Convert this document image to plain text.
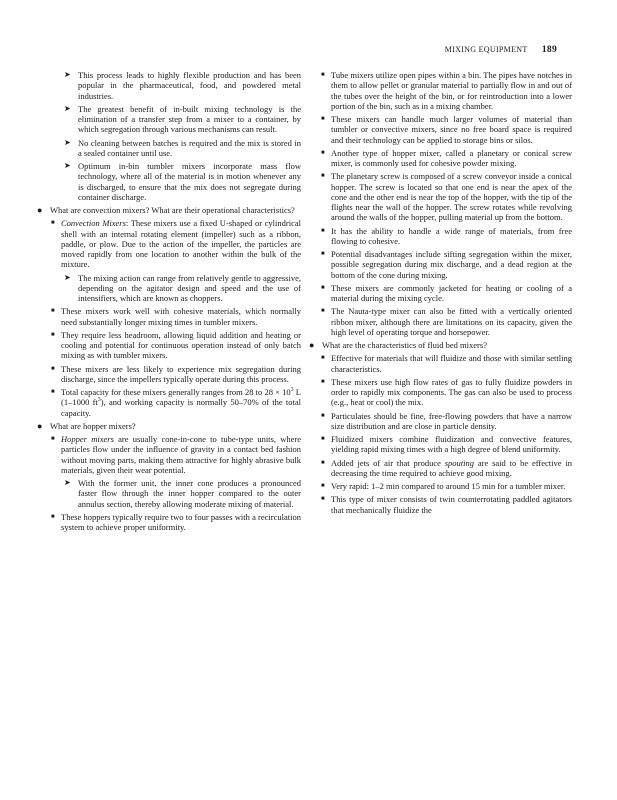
MIXING EQUIPMENT 189
➤ This process leads to highly flexible production and has been popular in the pharmaceutical, food, and powdered metal industries.
➤ The greatest benefit of in-built mixing technology is the elimination of a transfer step from a mixer to a container, by which segregation through various mechanisms can result.
➤ No cleaning between batches is required and the mix is stored in a sealed container until use.
➤ Optimum in-bin tumbler mixers incorporate mass flow technology, where all of the material is in motion whenever any is discharged, to ensure that the mix does not segregate during container discharge.
● What are convection mixers? What are their operational characteristics?
■ Convection Mixers: These mixers use a fixed U-shaped or cylindrical shell with an internal rotating element (impeller) such as a ribbon, paddle, or plow. Due to the action of the impeller, the particles are moved rapidly from one location to another within the bulk of the mixture.
➤ The mixing action can range from relatively gentle to aggressive, depending on the agitator design and speed and the use of intensifiers, which are known as choppers.
■ These mixers work well with cohesive materials, which normally need substantially longer mixing times in tumbler mixers.
■ They require less headroom, allowing liquid addition and heating or cooling and potential for continuous operation instead of only batch mixing as with tumbler mixers.
■ These mixers are less likely to experience mix segregation during discharge, since the impellers typically operate during this process.
■ Total capacity for these mixers generally ranges from 28 to $28 \times 10^3$ L (1–1000 $ft^3$), and working capacity is normally 50–70% of the total capacity.
● What are hopper mixers?
■ Hopper mixers are usually cone-in-cone to tube-type units, where particles flow under the influence of gravity in a contact bed fashion without moving parts, making them attractive for highly abrasive bulk materials, given their wear potential.
➤ With the former unit, the inner cone produces a pronounced faster flow through the inner hopper compared to the outer annulus section, thereby allowing moderate mixing of material.
■ These hoppers typically require two to four passes with a recirculation system to achieve proper uniformity.
■ Tube mixers utilize open pipes within a bin. The pipes have notches in them to allow pellet or granular material to partially flow in and out of the tubes over the height of the bin, or for reintroduction into a lower portion of the bin, such as in a mixing chamber.
■ These mixers can handle much larger volumes of material than tumbler or convective mixers, since no free board space is required and their technology can be applied to storage bins or silos.
■ Another type of hopper mixer, called a planetary or conical screw mixer, is commonly used for cohesive powder mixing.
■ The planetary screw is composed of a screw conveyor inside a conical hopper. The screw is located so that one end is near the apex of the cone and the other end is near the top of the hopper, with the tip of the flights near the wall of the hopper. The screw rotates while revolving around the walls of the hopper, pulling material up from the bottom.
■ It has the ability to handle a wide range of materials, from free flowing to cohesive.
■ Potential disadvantages include sifting segregation within the mixer, possible segregation during mix discharge, and a dead region at the bottom of the cone during mixing.
■ These mixers are commonly jacketed for heating or cooling of a material during the mixing cycle.
■ The Nauta-type mixer can also be fitted with a vertically oriented ribbon mixer, although there are limitations on its capacity, given the high level of operating torque and horsepower.
● What are the characteristics of fluid bed mixers?
■ Effective for materials that will fluidize and those with similar settling characteristics.
■ These mixers use high flow rates of gas to fully fluidize powders in order to rapidly mix components. The gas can also be used to process (e.g., heat or cool) the mix.
■ Particulates should be fine, free-flowing powders that have a narrow size distribution and are close in particle density.
■ Fluidized mixers combine fluidization and convective features, yielding rapid mixing times with a high degree of blend uniformity.
■ Added jets of air that produce spouting are said to be effective in decreasing the time required to achieve good mixing.
■ Very rapid: 1–2 min compared to around 15 min for a tumbler mixer.
■ This type of mixer consists of twin counterrotating paddled agitators that mechanically fluidize the
